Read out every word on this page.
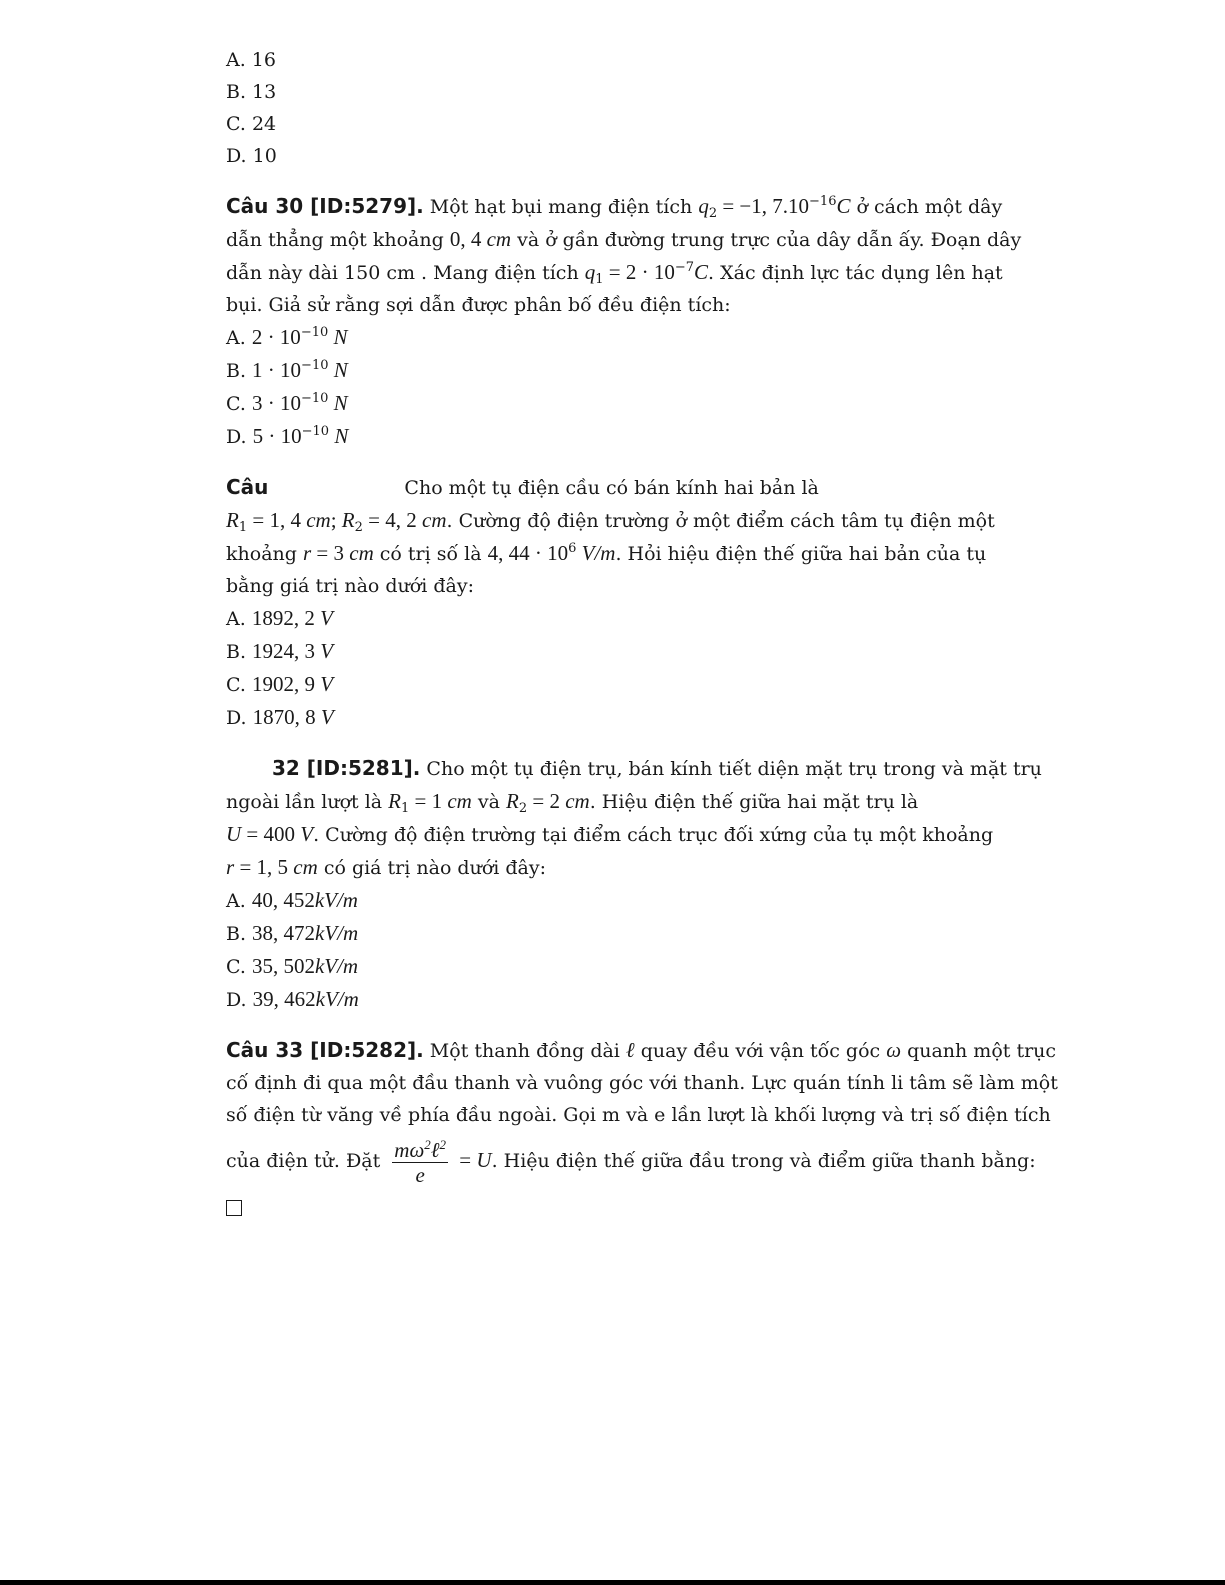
A. 16

B. 13

C. 24

D. 10

Câu 30 [ID:5279]. Một hạt bụi mang điện tích $q_2 = -1$, $7.10^{-16}C$ ở cách một dây

dẫn thẳng một khoảng 0, 4 cm và ở gần đường trung trực của dây dẫn ấy. Đoạn dây

dẫn này dài 150 cm . Mang điện tích $q_1 = 2 \cdot 10^{-7}C$. Xác định lực tác dụng lên hạt

bụi. Giả sử rằng sợi dẫn được phân bố đều điện tích:

A. $2 \cdot 10^{-10}$ N

B. $1 \cdot 10^{-10}$ N

C. $3 \cdot 10^{-10}$ N

D. $5 \cdot 10^{-10}$ N

Câu	Cho một tụ điện cầu có bán kính hai bản là

$R_1 = 1$, 4 cm; $R_2 = 4$, 2 cm. Cường độ điện trường ở một điểm cách tâm tụ điện một

khoảng r = 3 cm có trị số là 4, $44 \cdot 10^6$ V/m. Hỏi hiệu điện thế giữa hai bản của tụ

bằng giá trị nào dưới đây:

A. 1892, 2 V

B. 1924, 3 V

C. 1902, 9 V

D. 1870, 8 V

32 [ID:5281]. Cho một tụ điện trụ, bán kính tiết diện mặt trụ trong và mặt trụ

ngoài lần lượt là $R_1 = 1$ cm và $R_2 = 2$ cm. Hiệu điện thế giữa hai mặt trụ là

U = 400 V. Cường độ điện trường tại điểm cách trục đối xứng của tụ một khoảng

r = 1, 5 cm có giá trị nào dưới đây:

A. 40, 452kV/m

B. 38, 472kV/m

C. 35, 502kV/m

D. 39, 462kV/m

Câu 33 [ID:5282]. Một thanh đồng dài ℓ quay đều với vận tốc góc ω quanh một trục

cố định đi qua một đầu thanh và vuông góc với thanh. Lực quán tính li tâm sẽ làm một

số điện từ văng về phía đầu ngoài. Gọi m và e lần lượt là khối lượng và trị số điện tích

của điện tử. Đặt $\frac{m\omega^2\ell^2}{e} = U$. Hiệu điện thế giữa đầu trong và điểm giữa thanh bằng:
